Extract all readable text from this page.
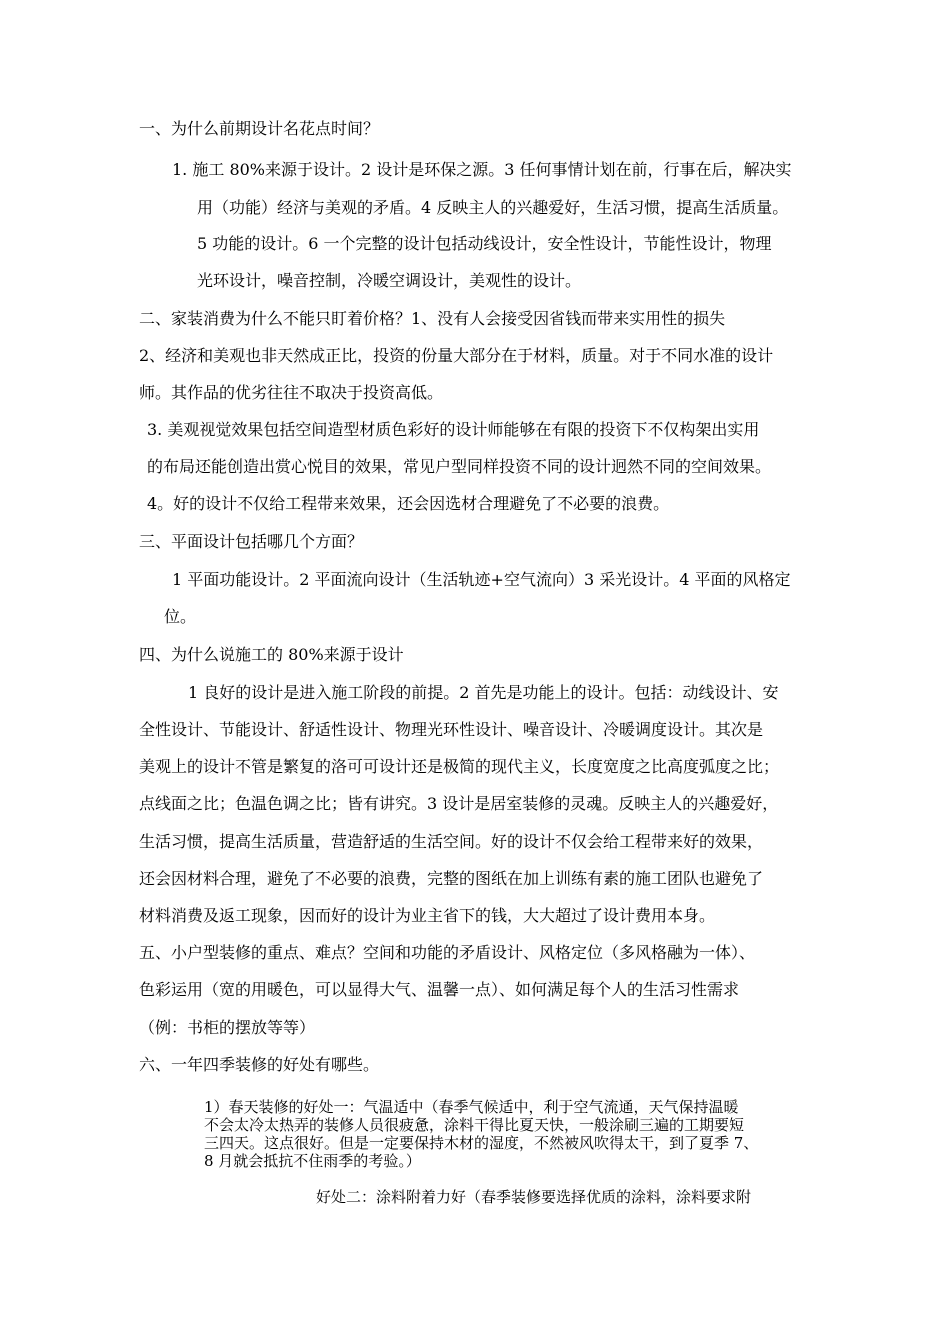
一、为什么前期设计名花点时间？
1. 施工 80%来源于设计。2 设计是环保之源。3 任何事情计划在前，行事在后，解决实
用（功能）经济与美观的矛盾。4 反映主人的兴趣爱好，生活习惯，提高生活质量。
5 功能的设计。6 一个完整的设计包括动线设计，安全性设计，节能性设计，物理
光环设计，噪音控制，冷暖空调设计，美观性的设计。
二、家装消费为什么不能只盯着价格？1、没有人会接受因省钱而带来实用性的损失
2、经济和美观也非天然成正比，投资的份量大部分在于材料，质量。对于不同水准的设计
师。其作品的优劣往往不取决于投资高低。
3. 美观视觉效果包括空间造型材质色彩好的设计师能够在有限的投资下不仅构架出实用
的布局还能创造出赏心悦目的效果，常见户型同样投资不同的设计迥然不同的空间效果。
4。好的设计不仅给工程带来效果，还会因选材合理避免了不必要的浪费。
三、平面设计包括哪几个方面？
1 平面功能设计。2 平面流向设计（生活轨迹+空气流向）3 采光设计。4 平面的风格定
位。
四、为什么说施工的 80%来源于设计
1 良好的设计是进入施工阶段的前提。2 首先是功能上的设计。包括：动线设计、安
全性设计、节能设计、舒适性设计、物理光环性设计、噪音设计、冷暖调度设计。其次是
美观上的设计不管是繁复的洛可可设计还是极简的现代主义，长度宽度之比高度弧度之比；
点线面之比；色温色调之比；皆有讲究。3 设计是居室装修的灵魂。反映主人的兴趣爱好，
生活习惯，提高生活质量，营造舒适的生活空间。好的设计不仅会给工程带来好的效果，
还会因材料合理，避免了不必要的浪费，完整的图纸在加上训练有素的施工团队也避免了
材料消费及返工现象，因而好的设计为业主省下的钱，大大超过了设计费用本身。
五、小户型装修的重点、难点？空间和功能的矛盾设计、风格定位（多风格融为一体）、
色彩运用（宽的用暖色，可以显得大气、温馨一点）、如何满足每个人的生活习性需求
（例：书柜的摆放等等）
六、一年四季装修的好处有哪些。
1）春天装修的好处一：气温适中（春季气候适中，利于空气流通，天气保持温暖
不会太冷太热弄的装修人员很疲惫，涂料干得比夏天快，一般涂刷三遍的工期要短
三四天。这点很好。但是一定要保持木材的湿度，不然被风吹得太干，到了夏季 7、
8 月就会抵抗不住雨季的考验。）
好处二：涂料附着力好（春季装修要选择优质的涂料，涂料要求附
